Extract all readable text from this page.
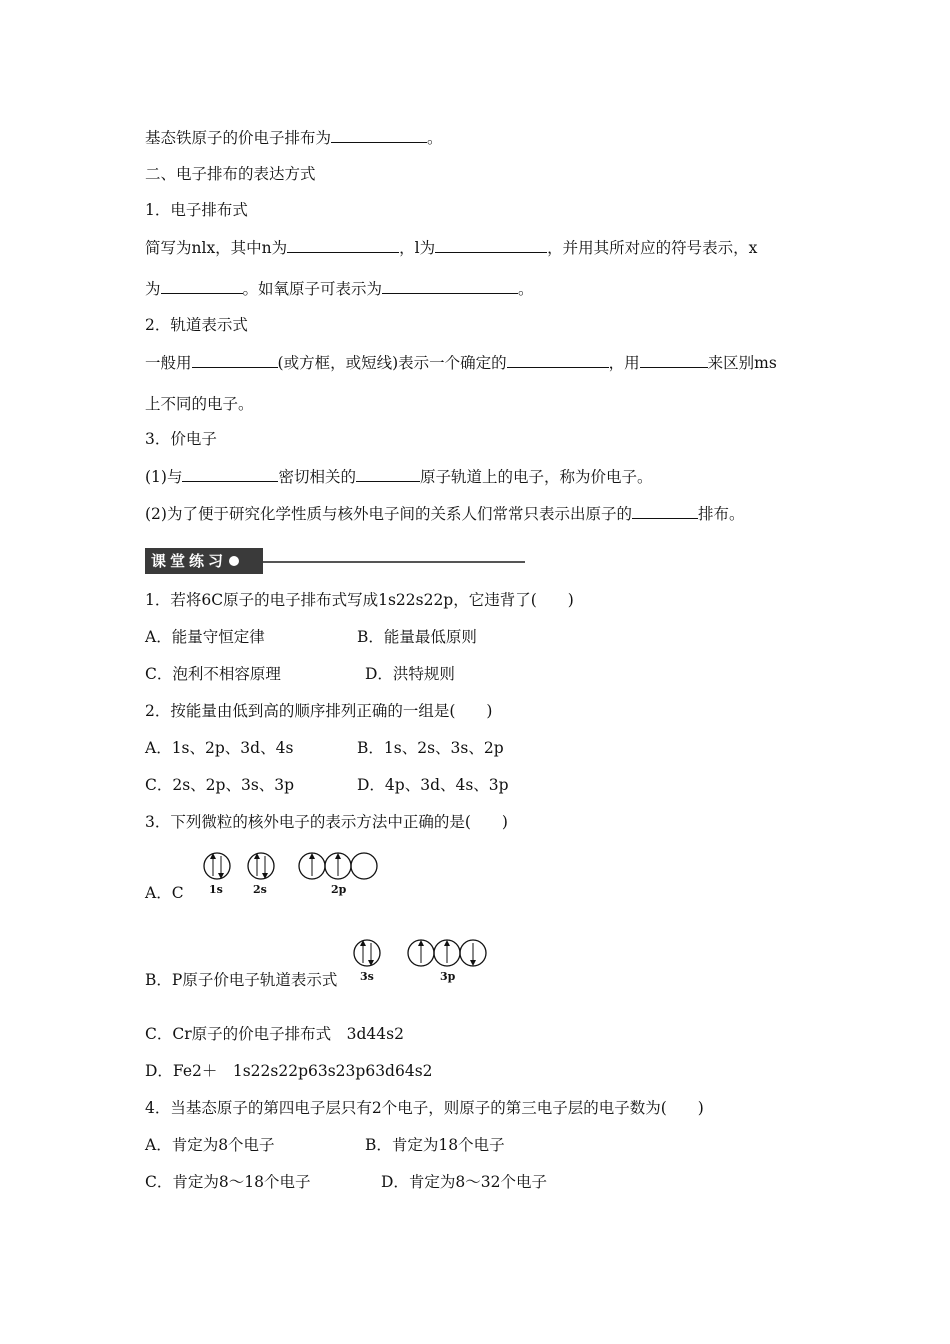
基态铁原子的价电子排布为	。
二、电子排布的表达方式
1．电子排布式
简写为nlx，其中n为	，l为	，并用其所对应的符号表示，x
为	。如氧原子可表示为	。
2．轨道表示式
一般用	(或方框，或短线)表示一个确定的	，用	来区别ms
上不同的电子。
3．价电子
(1)与	密切相关的	原子轨道上的电子，称为价电子。
(2)为了便于研究化学性质与核外电子间的关系人们常常只表示出原子的	排布。
课堂练习
1．若将6C原子的电子排布式写成1s22s22p，它违背了(　　)
A．能量守恒定律	B．能量最低原则
C．泡利不相容原理	D．洪特规则
2．按能量由低到高的顺序排列正确的一组是(　　)
A．1s、2p、3d、4s	B．1s、2s、3s、2p
C．2s、2p、3s、3p	D．4p、3d、4s、3p
3．下列微粒的核外电子的表示方法中正确的是(　　)
A．C 1s	2s	2p
B．P原子价电子轨道表示式 3s	3p
C．Cr原子的价电子排布式　3d44s2
D．Fe2＋　1s22s22p63s23p63d64s2
4．当基态原子的第四电子层只有2个电子，则原子的第三电子层的电子数为(　　)
A．肯定为8个电子	B．肯定为18个电子
C．肯定为8～18个电子	D．肯定为8～32个电子
